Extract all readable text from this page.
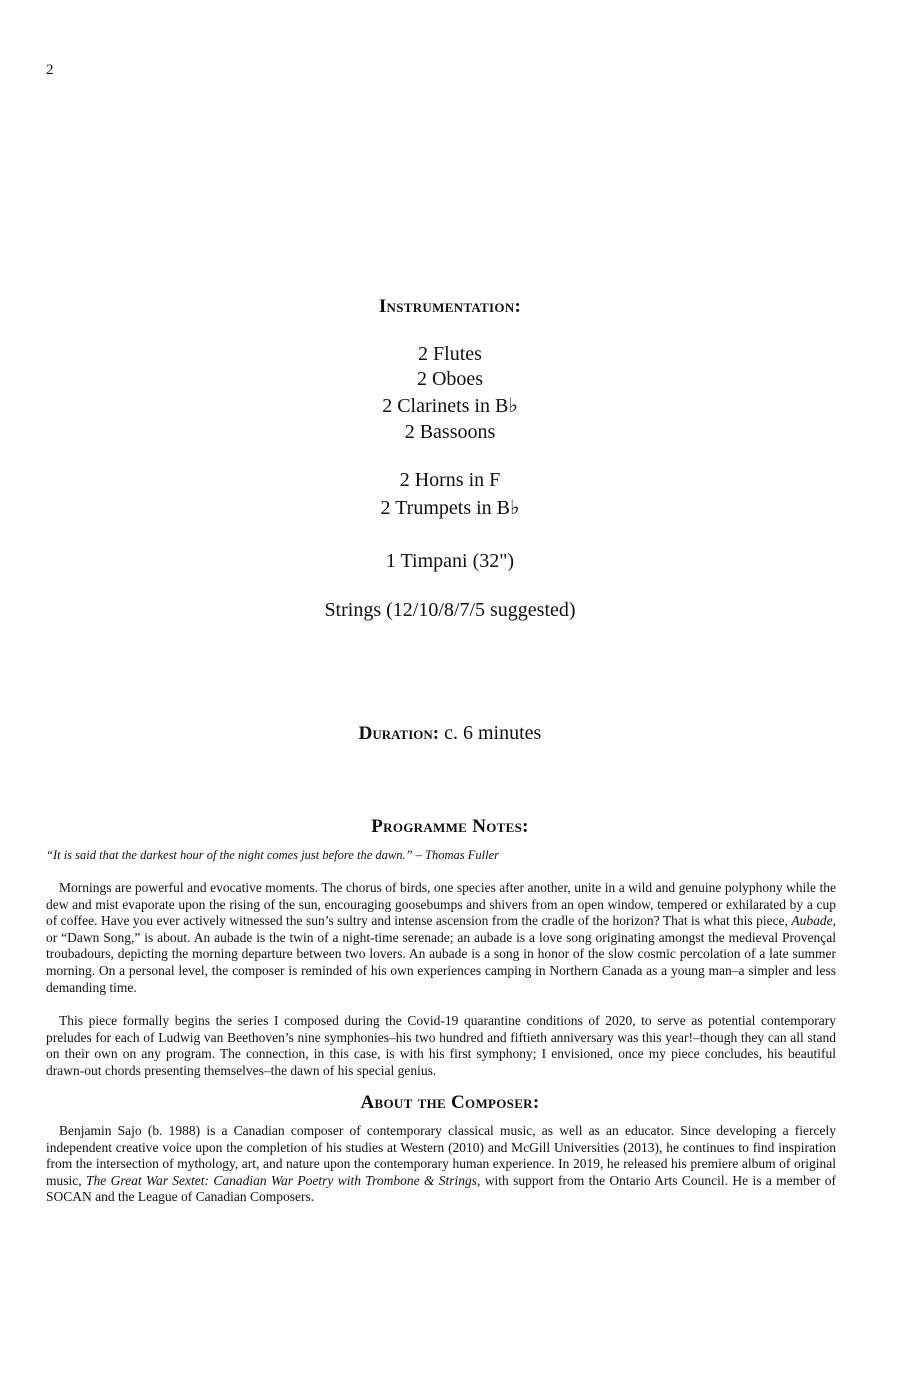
2
Instrumentation:
2 Flutes
2 Oboes
2 Clarinets in B♭
2 Bassoons
2 Horns in F
2 Trumpets in B♭
1 Timpani (32")
Strings (12/10/8/7/5 suggested)
Duration: c. 6 minutes
Programme Notes:
“It is said that the darkest hour of the night comes just before the dawn.” – Thomas Fuller
Mornings are powerful and evocative moments. The chorus of birds, one species after another, unite in a wild and genuine polyphony while the dew and mist evaporate upon the rising of the sun, encouraging goosebumps and shivers from an open window, tempered or exhilarated by a cup of coffee. Have you ever actively witnessed the sun’s sultry and intense ascension from the cradle of the horizon? That is what this piece, Aubade, or “Dawn Song,” is about. An aubade is the twin of a night-time serenade; an aubade is a love song originating amongst the medieval Provençal troubadours, depicting the morning departure between two lovers. An aubade is a song in honor of the slow cosmic percolation of a late summer morning. On a personal level, the composer is reminded of his own experiences camping in Northern Canada as a young man–a simpler and less demanding time.
This piece formally begins the series I composed during the Covid-19 quarantine conditions of 2020, to serve as potential contemporary preludes for each of Ludwig van Beethoven’s nine symphonies–his two hundred and fiftieth anniversary was this year!–though they can all stand on their own on any program. The connection, in this case, is with his first symphony; I envisioned, once my piece concludes, his beautiful drawn-out chords presenting themselves–the dawn of his special genius.
About the Composer:
Benjamin Sajo (b. 1988) is a Canadian composer of contemporary classical music, as well as an educator. Since developing a fiercely independent creative voice upon the completion of his studies at Western (2010) and McGill Universities (2013), he continues to find inspiration from the intersection of mythology, art, and nature upon the contemporary human experience. In 2019, he released his premiere album of original music, The Great War Sextet: Canadian War Poetry with Trombone & Strings, with support from the Ontario Arts Council. He is a member of SOCAN and the League of Canadian Composers.
